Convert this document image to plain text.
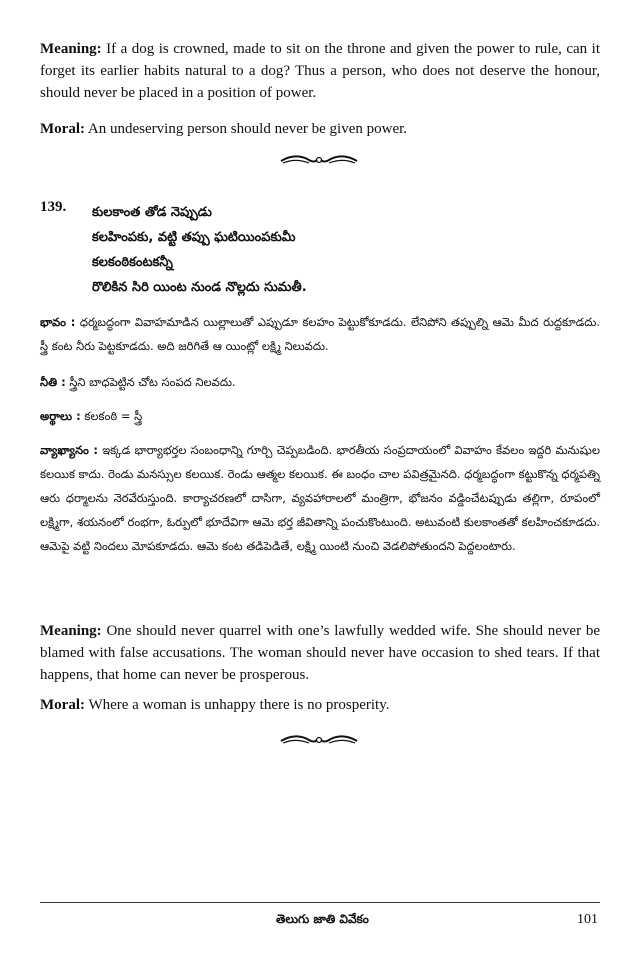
Meaning: If a dog is crowned, made to sit on the throne and given the power to rule, can it forget its earlier habits natural to a dog? Thus a person, who does not deserve the honour, should never be placed in a position of power.
Moral: An undeserving person should never be given power.
139. కులకాంత తోడ నెప్పుడు
కలహింపకు, వట్టి తప్పు ఘటియింపకుమీ
కలకంఠికంటకన్నీ
రొలికిన సిరి యింట నుండ నొల్లదు సుమతీ.
భావం : ధర్మబద్ధంగా వివాహమాడిన యిల్లాలుతో ఎప్పుడూ కలహం పెట్టుకోకూడదు. లేనిపోని తప్పుల్ని ఆమె మీద రుద్దకూడదు. స్త్రీ కంట నీరు పెట్టకూడదు. అది జరిగితే ఆ యింట్లో లక్ష్మి నిలువదు.
నీతి : స్త్రీని బాధపెట్టిన చోట సంపద నిలవదు.
అర్థాలు : కలకంఠి = స్త్రీ
వ్యాఖ్యానం : ఇక్కడ భార్యాభర్తల సంబంధాన్ని గూర్చి చెప్పబడింది. భారతీయ సంప్రదాయంలో వివాహం కేవలం ఇద్దరి మనుషుల కలయిక కాదు. రెండు మనస్సుల కలయిక. రెండు ఆత్మల కలయిక. ఈ బంధం చాల పవిత్రమైనది. ధర్మబద్ధంగా కట్టుకొన్న ధర్మపత్ని ఆరు ధర్మాలను నెరవేరుస్తుంది. కార్యాచరణలో దాసిగా, వ్యవహారాలలో మంత్రిగా, భోజనం వడ్డించేటప్పుడు తల్లిగా, రూపంలో లక్ష్మిగా, శయనంలో రంభగా, ఓర్పులో భూదేవిగా ఆమె భర్త జీవితాన్ని పంచుకొంటుంది. అటువంటి కులకాంతతో కలహించకూడదు. ఆమెపై వట్టి నిందలు మోపకూడదు. ఆమె కంట తడిపెడితే, లక్ష్మి యింటి నుంచి వెడలిపోతుందని పెద్దలంటారు.
Meaning: One should never quarrel with one’s lawfully wedded wife. She should never be blamed with false accusations. The woman should never have occasion to shed tears. If that happens, that home can never be prosperous.
Moral: Where a woman is unhappy there is no prosperity.
తెలుగు జాతి వివేకం	101
